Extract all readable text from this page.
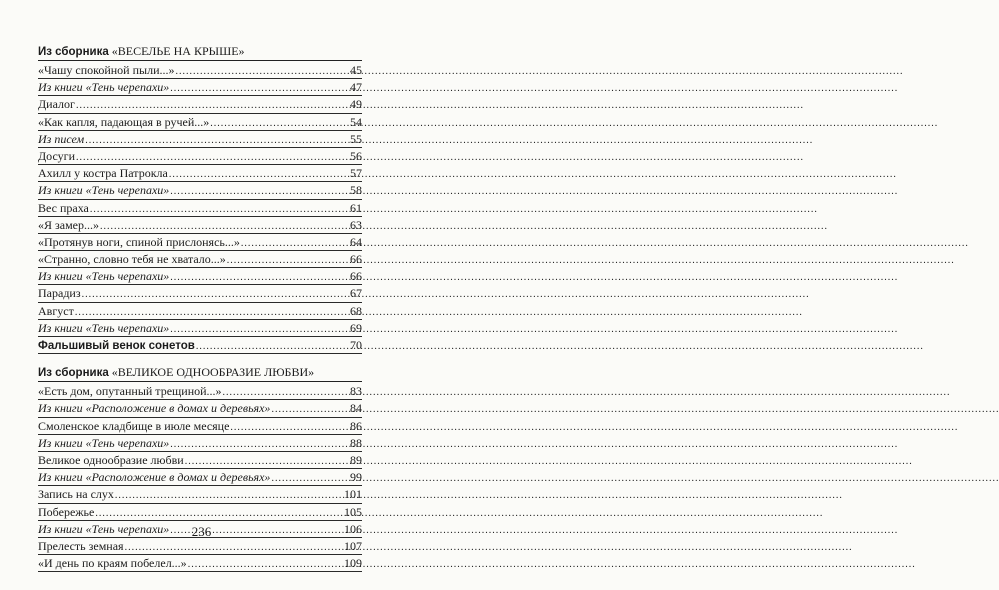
Из сборника «ВЕСЕЛЬЕ НА КРЫШЕ»
«Чашу спокойной пыли...» .....	45
Из книги «Тень черепахи» .....	47
Диалог .....	49
«Как капля, падающая в ручей...» .....	54
Из писем .....	55
Досуги .....	56
Ахилл у костра Патрокла .....	57
Из книги «Тень черепахи» .....	58
Вес праха .....	61
«Я замер...» .....	63
«Протянув ноги, спиной прислонясь...» .....	64
«Странно, словно тебя не хватало...» .....	66
Из книги «Тень черепахи» .....	66
Парадиз .....	67
Август .....	68
Из книги «Тень черепахи» .....	69
Фальшивый венок сонетов .....	70
Из сборника «ВЕЛИКОЕ ОДНООБРАЗИЕ ЛЮБВИ»
«Есть дом, опутанный трещиной...» .....	83
Из книги «Расположение в домах и деревьях» .....	84
Смоленское кладбище в июле месяце .....	86
Из книги «Тень черепахи» .....	88
Великое однообразие любви .....	89
Из книги «Расположение в домах и деревьях» .....	99
Запись на слух .....	101
Побережье .....	105
Из книги «Тень черепахи» .....	106
Прелесть земная .....	107
«И день по краям побелел...» .....	109
236
